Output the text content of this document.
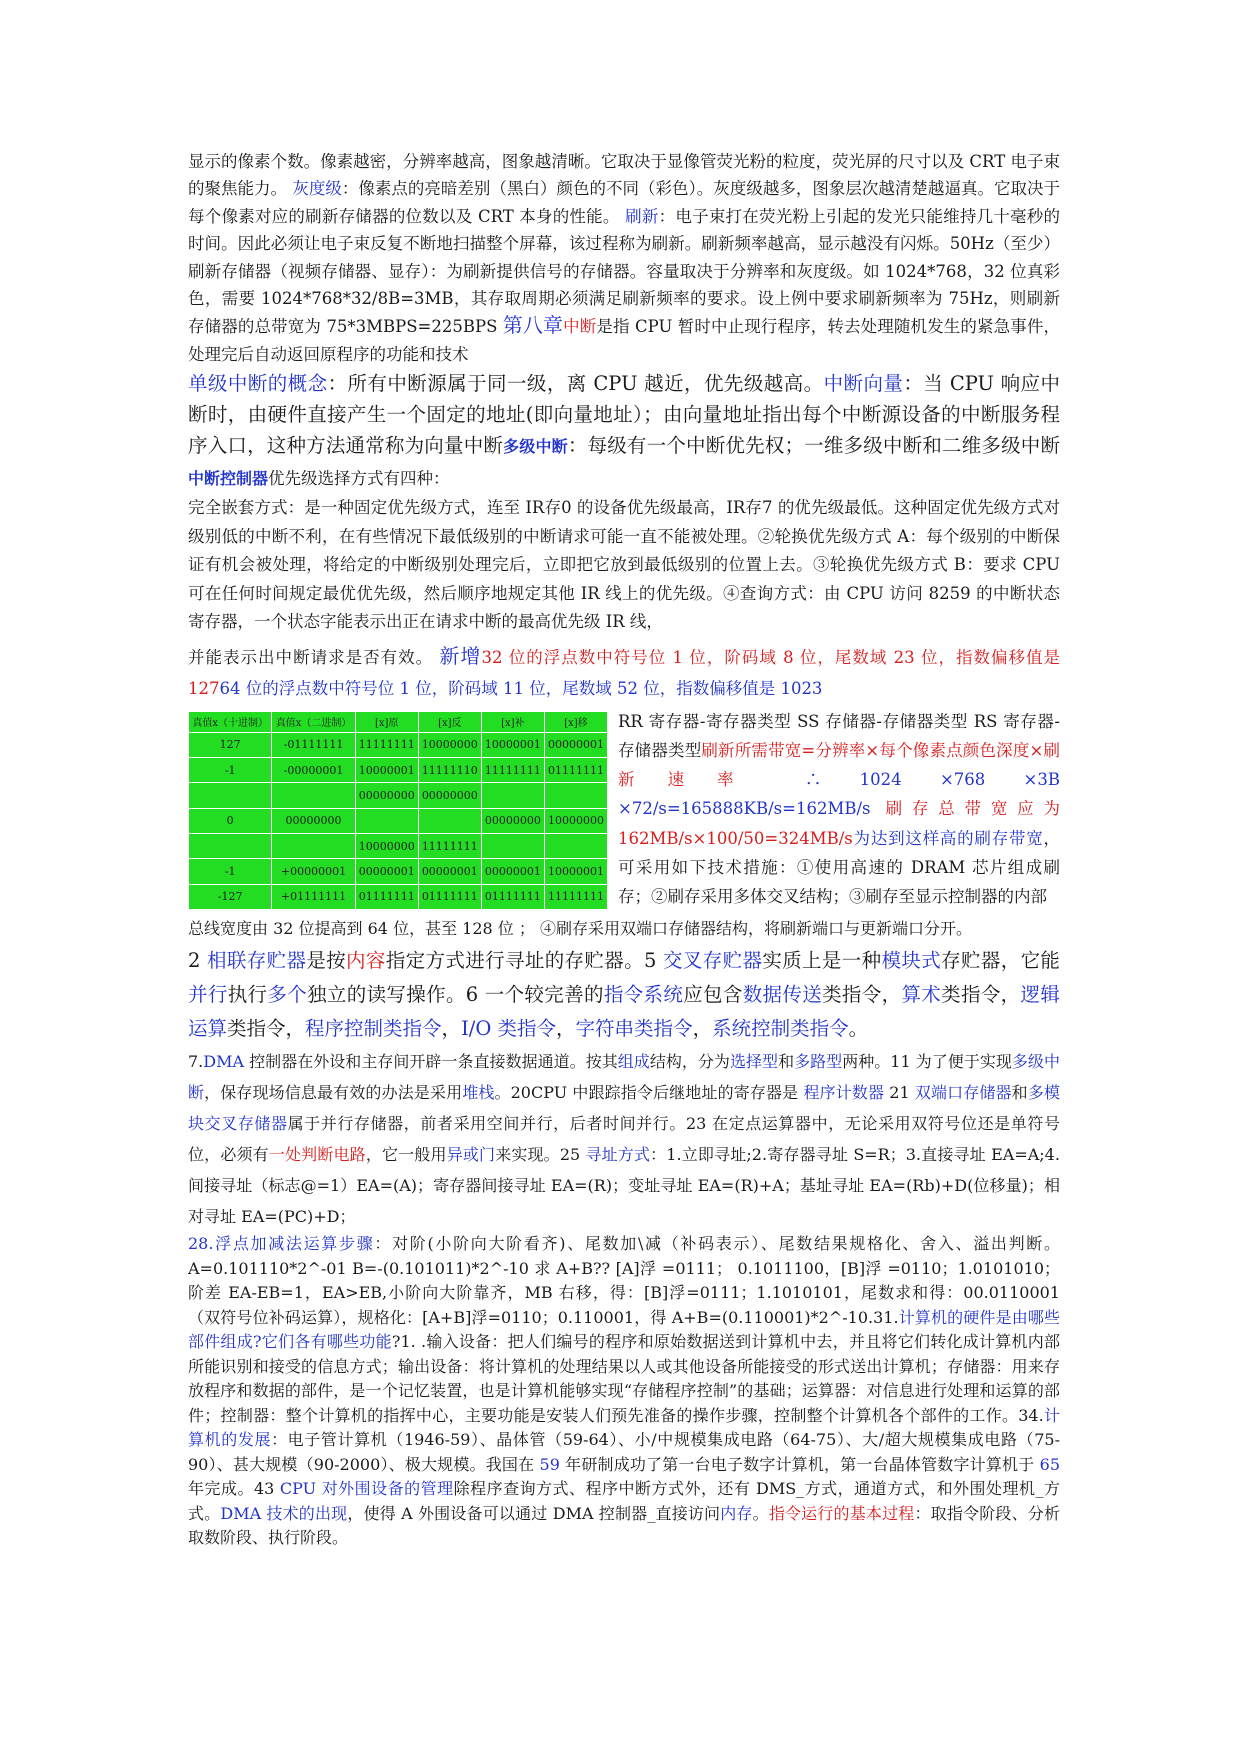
显示的像素个数。像素越密，分辨率越高，图象越清晰。它取决于显像管荧光粉的粒度，荧光屏的尺寸以及 CRT 电子束的聚焦能力。 灰度级：像素点的亮暗差别（黑白）颜色的不同（彩色）。灰度级越多，图象层次越清楚越逼真。它取决于每个像素对应的刷新存储器的位数以及 CRT 本身的性能。 刷新：电子束打在荧光粉上引起的发光只能维持几十毫秒的时间。因此必须让电子束反复不断地扫描整个屏幕，该过程称为刷新。刷新频率越高，显示越没有闪烁。50Hz（至少） 刷新存储器（视频存储器、显存）：为刷新提供信号的存储器。容量取决于分辨率和灰度级。如 1024*768，32 位真彩色，需要 1024*768*32/8B=3MB，其存取周期必须满足刷新频率的要求。设上例中要求刷新频率为 75Hz，则刷新存储器的总带宽为 75*3MBPS=225BPS 第八章中断是指 CPU 暂时中止现行程序，转去处理随机发生的紧急事件，处理完后自动返回原程序的功能和技术

单级中断的概念：所有中断源属于同一级，离 CPU 越近，优先级越高。中断向量：当 CPU 响应中断时，由硬件直接产生一个固定的地址(即向量地址）；由向量地址指出每个中断源设备的中断服务程序入口，这种方法通常称为向量中断多级中断：每级有一个中断优先权；一维多级中断和二维多级中断中断控制器优先级选择方式有四种：

完全嵌套方式：是一种固定优先级方式，连至 IR存0 的设备优先级最高，IR存7 的优先级最低。这种固定优先级方式对级别低的中断不利，在有些情况下最低级别的中断请求可能一直不能被处理。②轮换优先级方式 A：每个级别的中断保证有机会被处理，将给定的中断级别处理完后，立即把它放到最低级别的位置上去。③轮换优先级方式 B：要求 CPU 可在任何时间规定最优优先级，然后顺序地规定其他 IR 线上的优先级。④查询方式：由 CPU 访问 8259 的中断状态寄存器，一个状态字能表示出正在请求中断的最高优先级 IR 线，

并能表示出中断请求是否有效。 新增32 位的浮点数中符号位 1 位，阶码域 8 位，尾数域 23 位，指数偏移值是 12764 位的浮点数中符号位 1 位，阶码域 11 位，尾数域 52 位，指数偏移值是 1023

真值x（十进制）	真值x（二进制）	[x]原	[x]反	[x]补	[x]移
127	-01111111	11111111	10000000	10000001	00000001
-1	-00000001	10000001	11111110	11111111	01111111
		00000000	00000000		
0	00000000			00000000	10000000
		10000000	11111111		
-1	+00000001	00000001	00000001	00000001	10000001
-127	+01111111	01111111	01111111	01111111	11111111
RR 寄存器-寄存器类型 SS 存储器-存储器类型 RS 寄存器-存储器类型刷新所需带宽=分辨率×每个像素点颜色深度×刷新速率 ∴ 1024 ×768 ×3B ×72/s=165888KB/s=162MB/s 刷存总带宽应为 162MB/s×100/50=324MB/s为达到这样高的刷存带宽，可采用如下技术措施：①使用高速的 DRAM 芯片组成刷存；②刷存采用多体交叉结构；③刷存至显示控制器的内部

总线宽度由 32 位提高到 64 位，甚至 128 位 ； ④刷存采用双端口存储器结构，将刷新端口与更新端口分开。

2 相联存贮器是按内容指定方式进行寻址的存贮器。5 交叉存贮器实质上是一种模块式存贮器，它能并行执行多个独立的读写操作。6 一个较完善的指令系统应包含数据传送类指令，算术类指令，逻辑运算类指令，程序控制类指令，I/O 类指令，字符串类指令，系统控制类指令。

7.DMA 控制器在外设和主存间开辟一条直接数据通道。按其组成结构，分为选择型和多路型两种。11 为了便于实现多级中断，保存现场信息最有效的办法是采用堆栈。20CPU 中跟踪指令后继地址的寄存器是 程序计数器 21 双端口存储器和多模块交叉存储器属于并行存储器，前者采用空间并行，后者时间并行。23 在定点运算器中，无论采用双符号位还是单符号位，必须有一处判断电路，它一般用异或门来实现。25 寻址方式：1.立即寻址;2.寄存器寻址 S=R；3.直接寻址 EA=A;4.间接寻址（标志@=1）EA=(A)；寄存器间接寻址 EA=(R)；变址寻址 EA=(R)+A；基址寻址 EA=(Rb)+D(位移量)；相对寻址 EA=(PC)+D；

28.浮点加减法运算步骤：对阶(小阶向大阶看齐)、尾数加\减（补码表示）、尾数结果规格化、舍入、溢出判断。 A=0.101110*2^-01 B=-(0.101011)*2^-10 求 A+B?? [A]浮 =0111； 0.1011100，[B]浮 =0110；1.0101010；阶差 EA-EB=1，EA>EB,小阶向大阶靠齐，MB 右移，得：[B]浮=0111；1.1010101，尾数求和得：00.0110001（双符号位补码运算），规格化：[A+B]浮=0110；0.110001，得 A+B=(0.110001)*2^-10.31.计算机的硬件是由哪些部件组成?它们各有哪些功能?1. .输入设备：把人们编号的程序和原始数据送到计算机中去，并且将它们转化成计算机内部所能识别和接受的信息方式；输出设备：将计算机的处理结果以人或其他设备所能接受的形式送出计算机；存储器：用来存放程序和数据的部件，是一个记忆装置，也是计算机能够实现“存储程序控制”的基础；运算器：对信息进行处理和运算的部件；控制器：整个计算机的指挥中心，主要功能是安装人们预先准备的操作步骤，控制整个计算机各个部件的工作。34.计算机的发展：电子管计算机（1946-59）、晶体管（59-64）、小/中规模集成电路（64-75）、大/超大规模集成电路（75-90）、甚大规模（90-2000）、极大规模。我国在 59 年研制成功了第一台电子数字计算机，第一台晶体管数字计算机于 65 年完成。43 CPU 对外围设备的管理除程序查询方式、程序中断方式外，还有 DMS_方式，通道方式，和外围处理机_方式。DMA 技术的出现，使得 A 外围设备可以通过 DMA 控制器_直接访问内存。指令运行的基本过程：取指令阶段、分析取数阶段、执行阶段。
